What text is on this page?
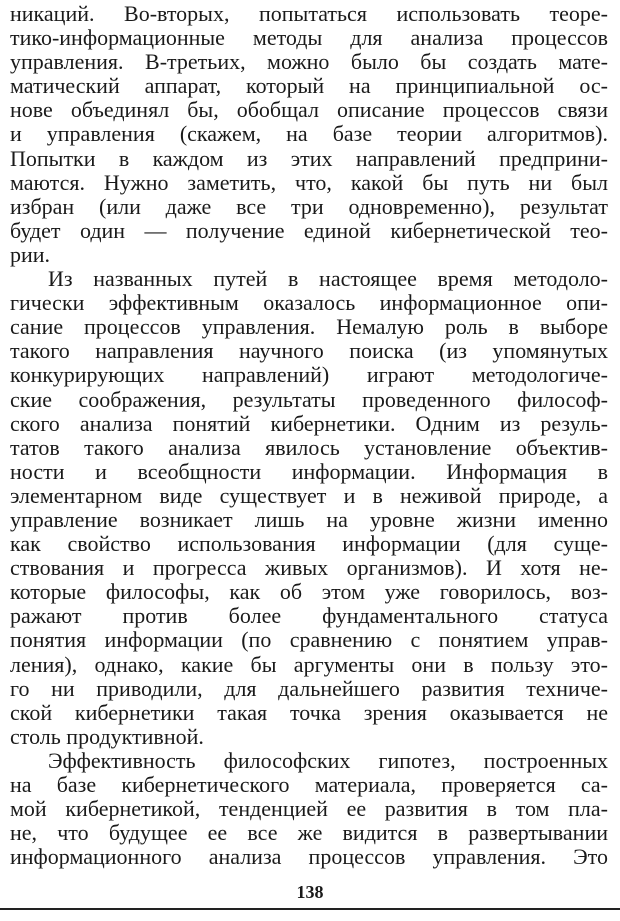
никаций. Во-вторых, попытаться использовать теоре-
тико-информационные методы для анализа процессов
управления. В-третьих, можно было бы создать мате-
матический аппарат, который на принципиальной ос-
нове объединял бы, обобщал описание процессов связи
и управления (скажем, на базе теории алгоритмов).
Попытки в каждом из этих направлений предприни-
маются. Нужно заметить, что, какой бы путь ни был
избран (или даже все три одновременно), результат
будет один — получение единой кибернетической тео-
рии.
Из названных путей в настоящее время методоло-
гически эффективным оказалось информационное опи-
сание процессов управления. Немалую роль в выборе
такого направления научного поиска (из упомянутых
конкурирующих направлений) играют методологиче-
ские соображения, результаты проведенного философ-
ского анализа понятий кибернетики. Одним из резуль-
татов такого анализа явилось установление объектив-
ности и всеобщности информации. Информация в
элементарном виде существует и в неживой природе, а
управление возникает лишь на уровне жизни именно
как свойство использования информации (для суще-
ствования и прогресса живых организмов). И хотя не-
которые философы, как об этом уже говорилось, воз-
ражают против более фундаментального статуса
понятия информации (по сравнению с понятием управ-
ления), однако, какие бы аргументы они в пользу это-
го ни приводили, для дальнейшего развития техниче-
ской кибернетики такая точка зрения оказывается не
столь продуктивной.
Эффективность философских гипотез, построенных
на базе кибернетического материала, проверяется са-
мой кибернетикой, тенденцией ее развития в том пла-
не, что будущее ее все же видится в развертывании
информационного анализа процессов управления. Это
138
